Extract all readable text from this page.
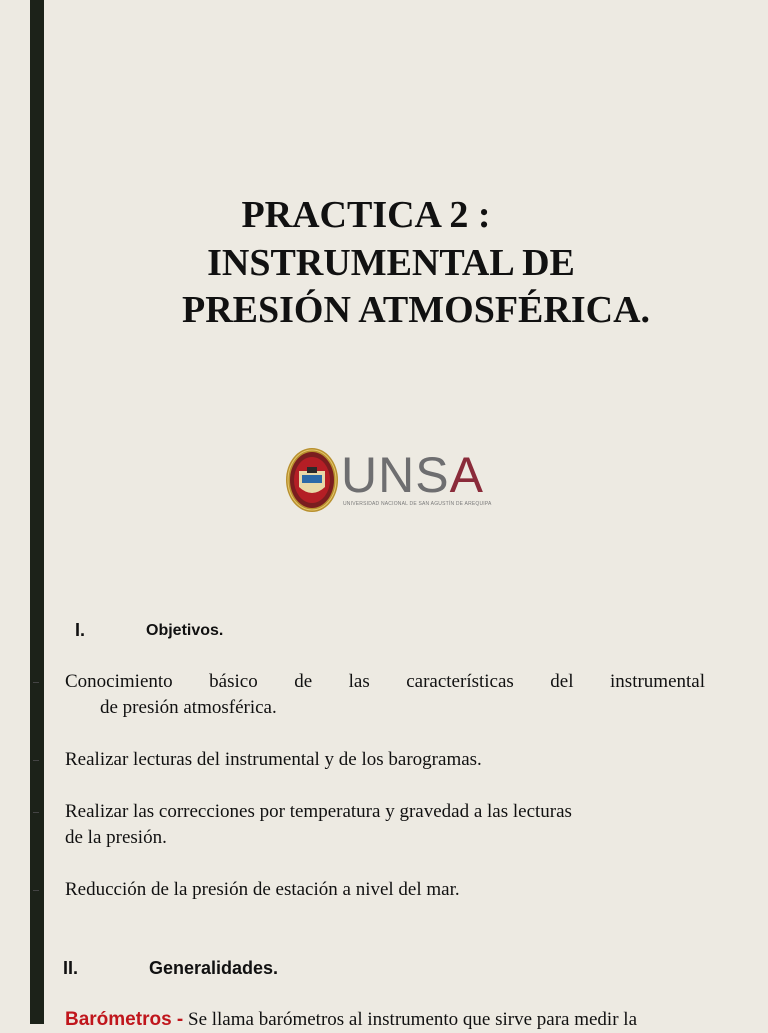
PRACTICA 2 :
INSTRUMENTAL DE
PRESIÓN ATMOSFÉRICA.
UNSA
UNIVERSIDAD NACIONAL DE SAN AGUSTÍN DE AREQUIPA
I.	Objetivos.
Conocimiento básico de las características del instrumental
de presión atmosférica.
Realizar lecturas del instrumental y de los barogramas.
Realizar las correcciones por temperatura y gravedad a las lecturas
de la presión.
Reducción de la presión de estación a nivel del mar.
II.	Generalidades.
Barómetros - Se llama barómetros al instrumento que sirve para medir la
